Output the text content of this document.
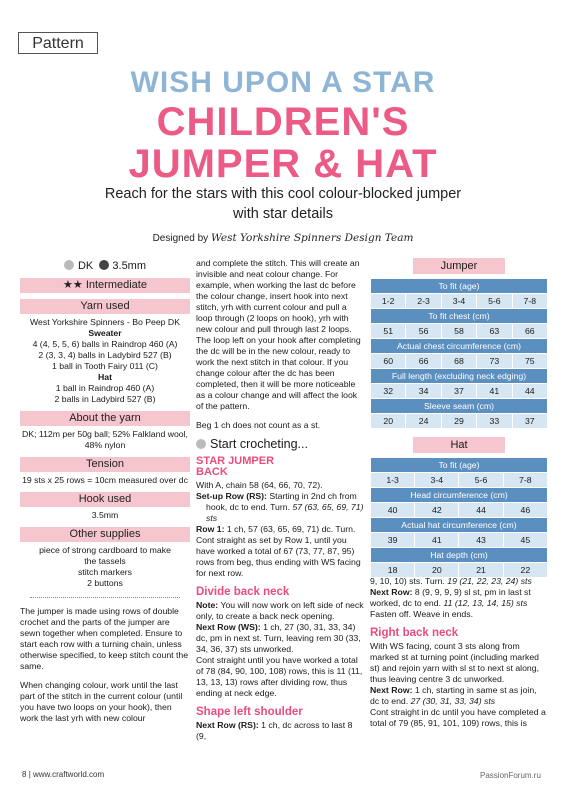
Pattern
WISH UPON A STAR
CHILDREN'S
JUMPER & HAT
Reach for the stars with this cool colour-blocked jumper
with star details
Designed by West Yorkshire Spinners Design Team
DK 3.5mm
★★ Intermediate
Yarn used
West Yorkshire Spinners - Bo Peep DK
Sweater
4 (4, 5, 5, 6) balls in Raindrop 460 (A)
2 (3, 3, 4) balls in Ladybird 527 (B)
1 ball in Tooth Fairy 011 (C)
Hat
1 ball in Raindrop 460 (A)
2 balls in Ladybird 527 (B)
About the yarn
DK; 112m per 50g ball; 52% Falkland wool, 48% nylon
Tension
19 sts x 25 rows = 10cm measured over dc
Hook used
3.5mm
Other supplies
piece of strong cardboard to make
the tassels
stitch markers
2 buttons
The jumper is made using rows of double crochet and the parts of the jumper are sewn together when completed. Ensure to start each row with a turning chain, unless otherwise specified, to keep stitch count the same.
When changing colour, work until the last part of the stitch in the current colour (until you have two loops on your hook), then work the last yrh with new colour
and complete the stitch. This will create an invisible and neat colour change. For example, when working the last dc before the colour change, insert hook into next stitch, yrh with current colour and pull a loop through (2 loops on hook), yrh with new colour and pull through last 2 loops. The loop left on your hook after completing the dc will be in the new colour, ready to work the next stitch in that colour. If you change colour after the dc has been completed, then it will be more noticeable as a colour change and will affect the look of the pattern.
Beg 1 ch does not count as a st.
Start crocheting...
STAR JUMPER
BACK
With A, chain 58 (64, 66, 70, 72).
Set-up Row (RS): Starting in 2nd ch from hook, dc to end. Turn. 57 (63, 65, 69, 71) sts
Row 1: 1 ch, 57 (63, 65, 69, 71) dc. Turn.
Cont straight as set by Row 1, until you have worked a total of 67 (73, 77, 87, 95) rows from beg, thus ending with WS facing for next row.
Divide back neck
Note: You will now work on left side of neck only, to create a back neck opening.
Next Row (WS): 1 ch, 27 (30, 31, 33, 34) dc, pm in next st. Turn, leaving rem 30 (33, 34, 36, 37) sts unworked.
Cont straight until you have worked a total of 78 (84, 90, 100, 108) rows, this is 11 (11, 13, 13, 13) rows after dividing row, thus ending at neck edge.
Shape left shoulder
Next Row (RS): 1 ch, dc across to last 8 (9,
Jumper
To fit (age)				
1-2	2-3	3-4	5-6	7-8
To fit chest (cm)				
51	56	58	63	66
Actual chest circumference (cm)				
60	66	68	73	75
Full length (excluding neck edging)				
32	34	37	41	44
Sleeve seam (cm)				
20	24	29	33	37
Hat
To fit (age)			
1-3	3-4	5-6	7-8
Head circumference (cm)			
40	42	44	46
Actual hat circumference (cm)			
39	41	43	45
Hat depth (cm)			
18	20	21	22
9, 10, 10) sts. Turn. 19 (21, 22, 23, 24) sts
Next Row: 8 (9, 9, 9, 9) sl st, pm in last st worked, dc to end. 11 (12, 13, 14, 15) sts
Fasten off. Weave in ends.
Right back neck
With WS facing, count 3 sts along from marked st at turning point (including marked st) and rejoin yarn with sl st to next st along, thus leaving centre 3 dc unworked.
Next Row: 1 ch, starting in same st as join, dc to end. 27 (30, 31, 33, 34) sts
Cont straight in dc until you have completed a total of 79 (85, 91, 101, 109) rows, this is
8 | www.craftworld.com	PassionForum.ru
